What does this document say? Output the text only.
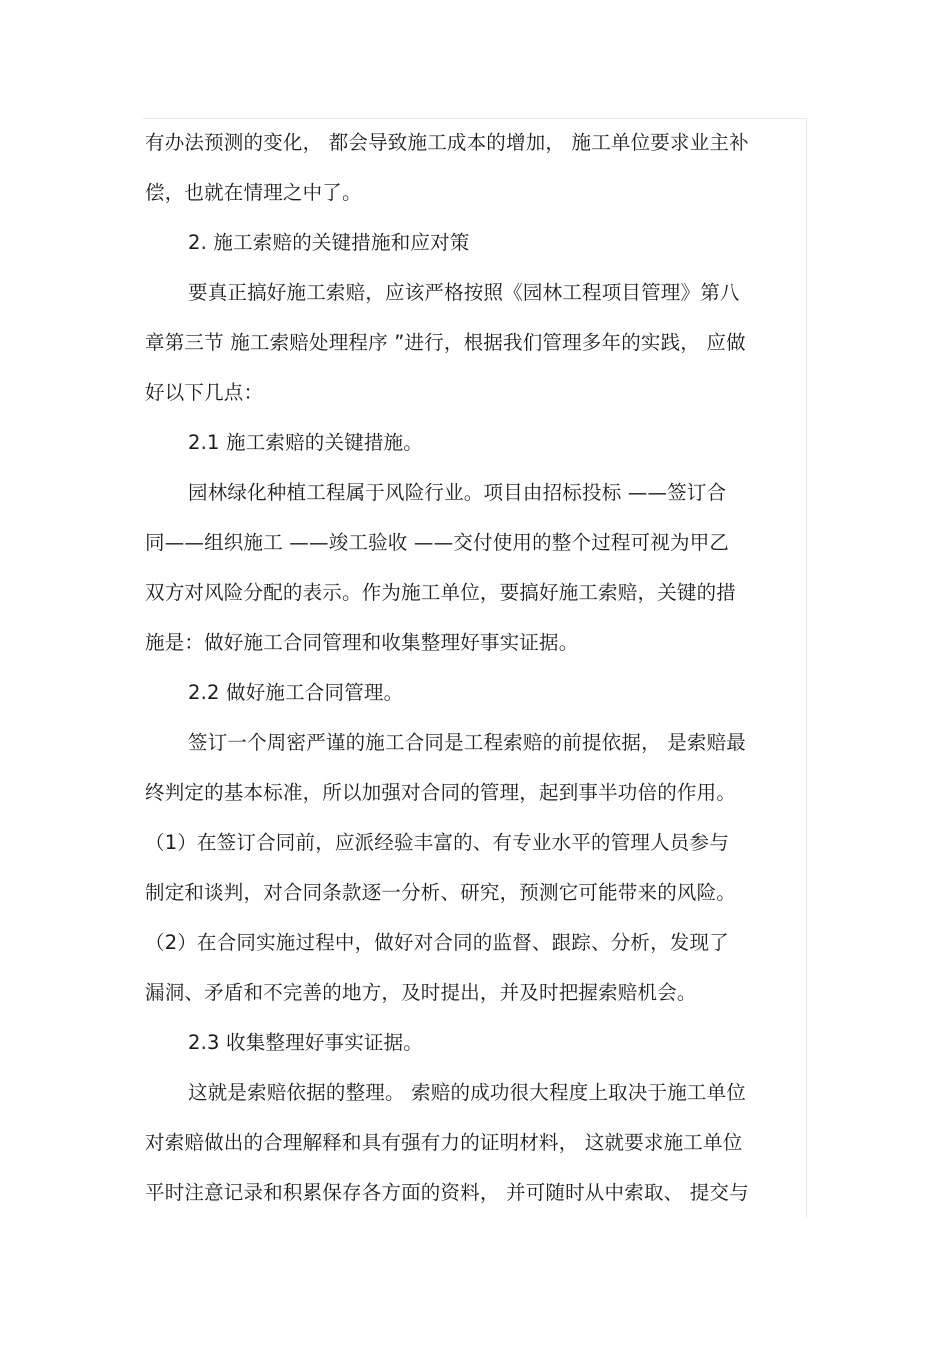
有办法预测的变化， 都会导致施工成本的增加， 施工单位要求业主补
偿，也就在情理之中了。
2. 施工索赔的关键措施和应对策
要真正搞好施工索赔，应该严格按照《园林工程项目管理》第八
章第三节 施工索赔处理程序 ”进行，根据我们管理多年的实践， 应做
好以下几点：
2.1 施工索赔的关键措施。
园林绿化种植工程属于风险行业。项目由招标投标 ——签订合
同——组织施工 ——竣工验收 ——交付使用的整个过程可视为甲乙
双方对风险分配的表示。作为施工单位，要搞好施工索赔，关键的措
施是：做好施工合同管理和收集整理好事实证据。
2.2 做好施工合同管理。
签订一个周密严谨的施工合同是工程索赔的前提依据， 是索赔最
终判定的基本标准，所以加强对合同的管理，起到事半功倍的作用。
（1）在签订合同前，应派经验丰富的、有专业水平的管理人员参与
制定和谈判，对合同条款逐一分析、研究，预测它可能带来的风险。
（2）在合同实施过程中，做好对合同的监督、跟踪、分析，发现了
漏洞、矛盾和不完善的地方，及时提出，并及时把握索赔机会。
2.3 收集整理好事实证据。
这就是索赔依据的整理。 索赔的成功很大程度上取决于施工单位
对索赔做出的合理解释和具有强有力的证明材料， 这就要求施工单位
平时注意记录和积累保存各方面的资料， 并可随时从中索取、 提交与
